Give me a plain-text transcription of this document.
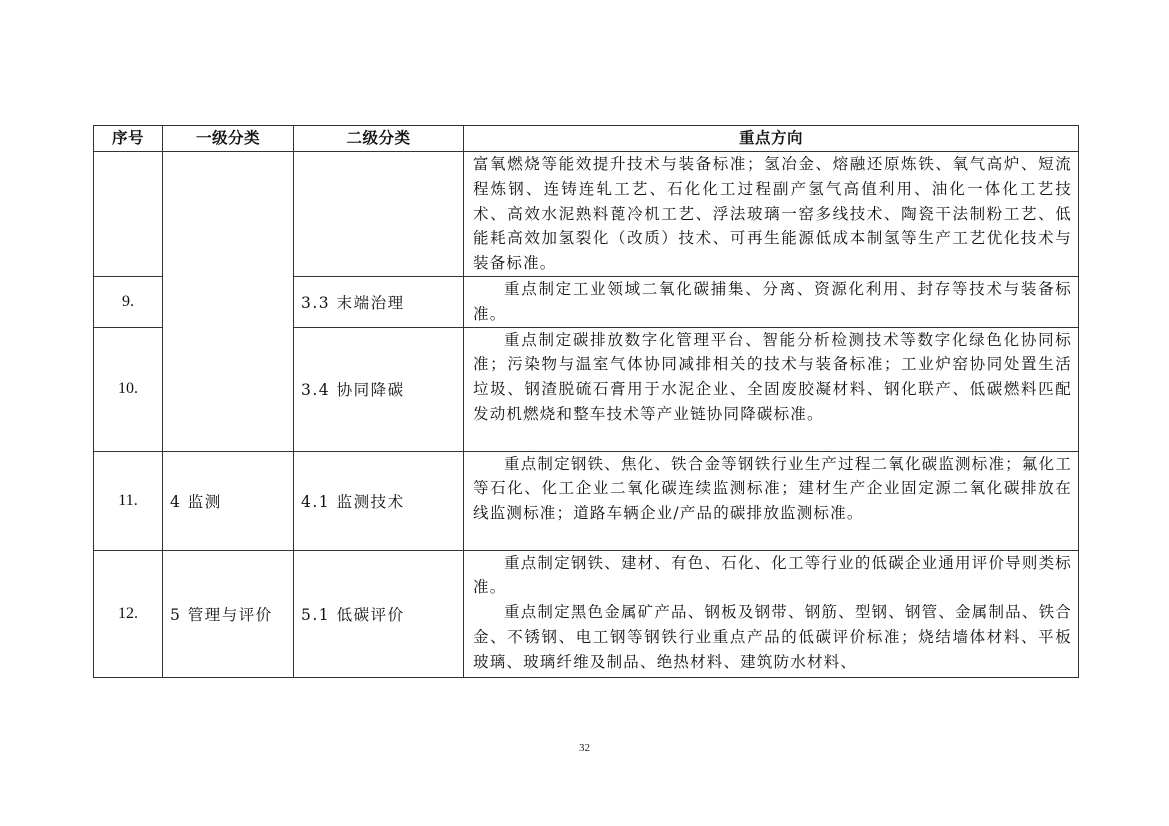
序号	一级分类	二级分类	重点方向

			富氧燃烧等能效提升技术与装备标准；氢冶金、熔融还原炼铁、氧气高炉、短流程炼钢、连铸连轧工艺、石化化工过程副产氢气高值利用、油化一体化工艺技术、高效水泥熟料蓖冷机工艺、浮法玻璃一窑多线技术、陶瓷干法制粉工艺、低能耗高效加氢裂化（改质）技术、可再生能源低成本制氢等生产工艺优化技术与装备标准。

9.		3.3 末端治理	重点制定工业领域二氧化碳捕集、分离、资源化利用、封存等技术与装备标准。

10.		3.4 协同降碳	重点制定碳排放数字化管理平台、智能分析检测技术等数字化绿色化协同标准；污染物与温室气体协同减排相关的技术与装备标准；工业炉窑协同处置生活垃圾、钢渣脱硫石膏用于水泥企业、全固废胶凝材料、钢化联产、低碳燃料匹配发动机燃烧和整车技术等产业链协同降碳标准。

11.	4 监测	4.1 监测技术	重点制定钢铁、焦化、铁合金等钢铁行业生产过程二氧化碳监测标准；氟化工等石化、化工企业二氧化碳连续监测标准；建材生产企业固定源二氧化碳排放在线监测标准；道路车辆企业/产品的碳排放监测标准。

12.	5 管理与评价	5.1 低碳评价	重点制定钢铁、建材、有色、石化、化工等行业的低碳企业通用评价导则类标准。

重点制定黑色金属矿产品、钢板及钢带、钢筋、型钢、钢管、金属制品、铁合金、不锈钢、电工钢等钢铁行业重点产品的低碳评价标准；烧结墙体材料、平板玻璃、玻璃纤维及制品、绝热材料、建筑防水材料、

32
